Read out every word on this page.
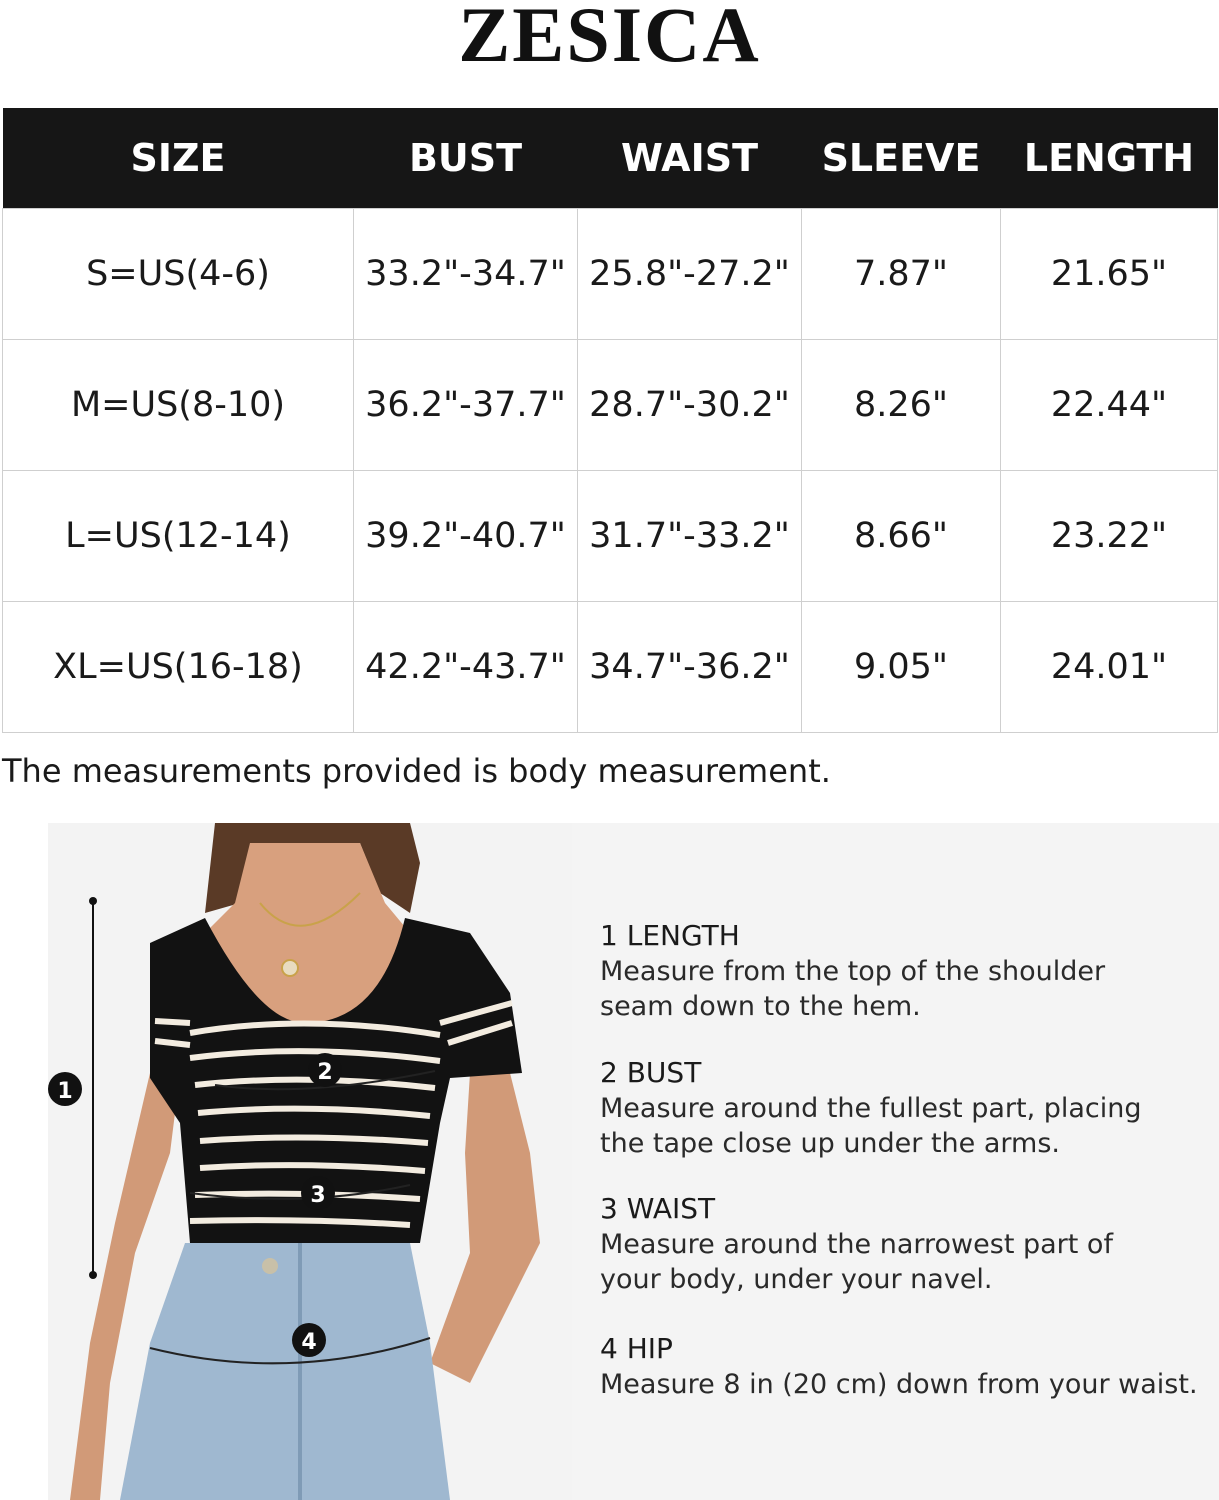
ZESICA
SIZE	BUST	WAIST	SLEEVE	LENGTH
S=US(4-6)	33.2"-34.7"	25.8"-27.2"	7.87"	21.65"
M=US(8-10)	36.2"-37.7"	28.7"-30.2"	8.26"	22.44"
L=US(12-14)	39.2"-40.7"	31.7"-33.2"	8.66"	23.22"
XL=US(16-18)	42.2"-43.7"	34.7"-36.2"	9.05"	24.01"
The measurements provided is body measurement.
1
2
3
4
1 LENGTH
Measure from the top of the shoulder
seam down to the hem.
2 BUST
Measure around the fullest part, placing
the tape close up under the arms.
3 WAIST
Measure around the narrowest part of
your body, under your navel.
4 HIP
Measure 8 in (20 cm) down from your waist.
